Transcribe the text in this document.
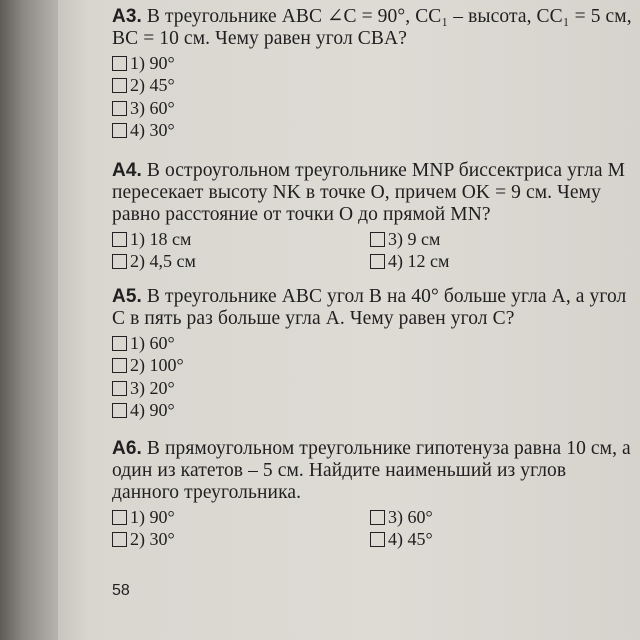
А3. В треугольнике ABC ∠C = 90°, CC₁ – высота, CC₁ = 5 см, BC = 10 см. Чему равен угол CBA?

1) 90°
2) 45°
3) 60°
4) 30°

А4. В остроугольном треугольнике MNP биссектриса угла M пересекает высоту NK в точке O, причем OK = 9 см. Чему равно расстояние от точки O до прямой MN?

1) 18 см	3) 9 см
2) 4,5 см	4) 12 см

А5. В треугольнике ABC угол B на 40° больше угла A, а угол C в пять раз больше угла A. Чему равен угол C?

1) 60°
2) 100°
3) 20°
4) 90°

А6. В прямоугольном треугольнике гипотенуза равна 10 см, а один из катетов – 5 см. Найдите наименьший из углов данного треугольника.

1) 90°	3) 60°
2) 30°	4) 45°
58
